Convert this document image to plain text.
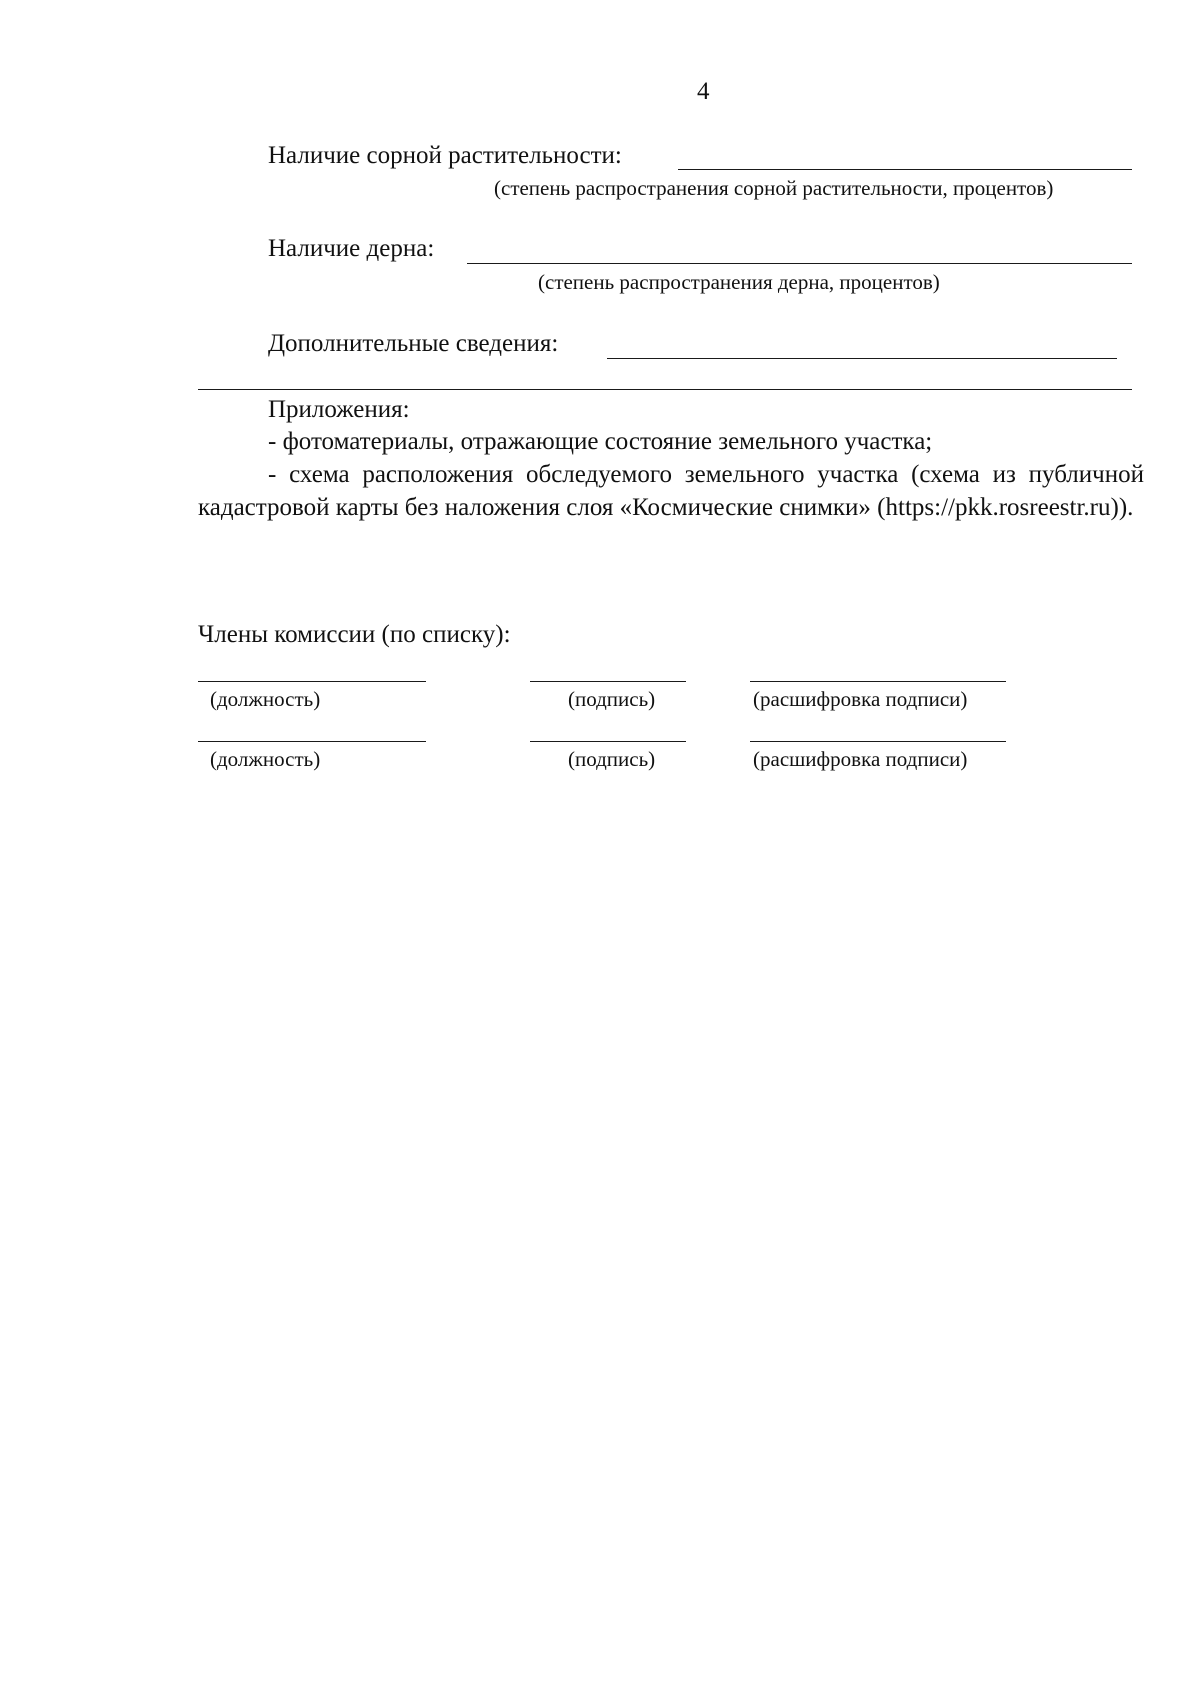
4
Наличие сорной растительности:
(степень распространения сорной растительности, процентов)
Наличие дерна:
(степень распространения дерна, процентов)
Дополнительные сведения:
Приложения:
- фотоматериалы, отражающие состояние земельного участка;
- схема расположения обследуемого земельного участка (схема из публичной кадастровой карты без наложения слоя «Космические снимки» (https://pkk.rosreestr.ru)).
Члены комиссии (по списку):
(должность)	(подпись)	(расшифровка подписи)
(должность)	(подпись)	(расшифровка подписи)
